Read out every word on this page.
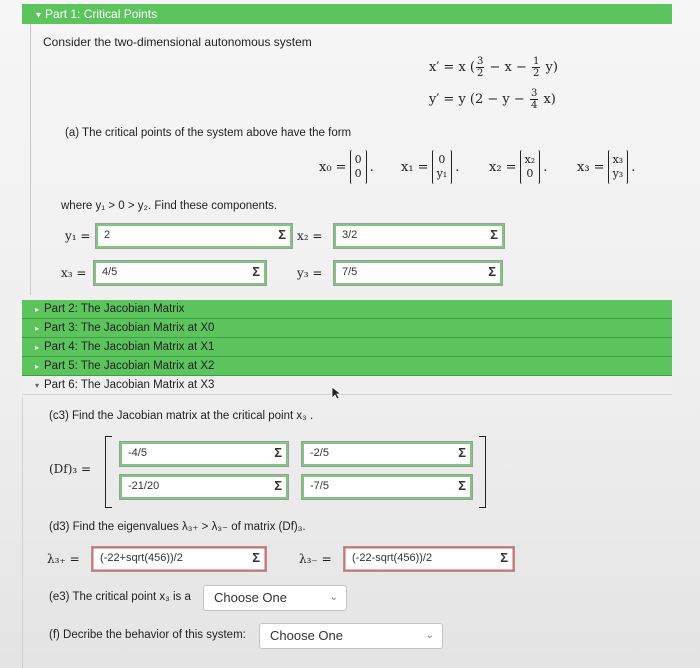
▾ Part 1: Critical Points
Consider the two-dimensional autonomous system
x′ = x ( $\frac{3}{2} - x - \frac{1}{2} y$)
y′ = y $(2 - y - \frac{3}{4} x)$
(a) The critical points of the system above have the form
x₀ = 0
0 . x₁ = 0
y₁ . x₂ = x₂
0 . x₃ = x₃
y₃ .
where y₁ > 0 > y₂. Find these components.
y₁ = 2	Σ x₂ = 3/2	Σ
x₃ = 4/5	Σ	y₃ = 7/5	Σ
▸ Part 2: The Jacobian Matrix
▸ Part 3: The Jacobian Matrix at X0
▸ Part 4: The Jacobian Matrix at X1
▸ Part 5: The Jacobian Matrix at X2
▾ Part 6: The Jacobian Matrix at X3
(c3) Find the Jacobian matrix at the critical point x₃ .
(Df)₃ =
-4/5	Σ	-2/5	Σ
-21/20	Σ	-7/5	Σ
(d3) Find the eigenvalues λ₃₊ > λ₃₋ of matrix (Df)₃.
λ₃₊ = (-22+sqrt(456))/2	Σ	λ₃₋ = (-22-sqrt(456))/2	Σ
(e3) The critical point x₃ is a	Choose One	⌄
(f) Decribe the behavior of this system:	Choose One	⌄
